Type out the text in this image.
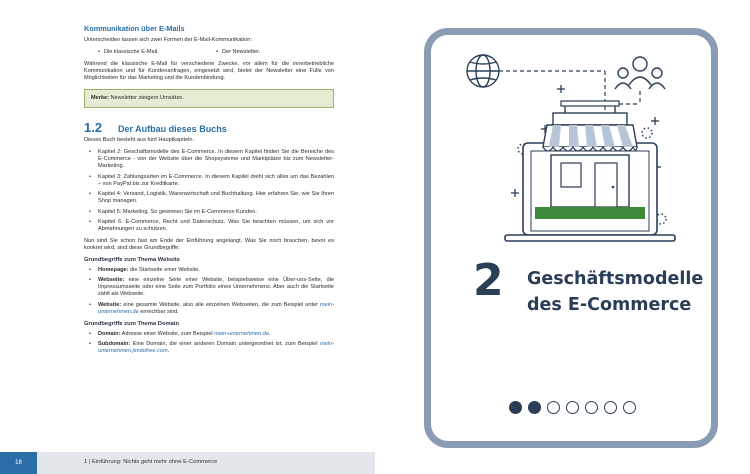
Kommunikation über E-Mails

Unterscheiden lassen sich zwei Formen der E-Mail-Kommunikation:

• Die klassische E-Mail.
•	Der Newsletter.

Während die klassische E-Mail für verschiedene Zwecke, vor allem für die innerbetriebliche Kommunikation und für Kundenanfragen, eingesetzt wird, bietet der Newsletter eine Fülle von Möglichkeiten für das Marketing und die Kundenbindung.

Merke: Newsletter steigern Umsätze.
1.2	Der Aufbau dieses Buchs

Dieses Buch besteht aus fünf Hauptkapiteln.

• Kapitel 2: Geschäftsmodelle des E-Commerce. In diesem Kapitel finden Sie die Bereiche des E-Commerce - von der Website über die Shopsysteme und Marktplätze bis zum Newsletter-Marketing.
• Kapitel 3: Zahlungsarten im E-Commerce. In diesem Kapitel dreht sich alles um das Bezahlen – von PayPal bis zur Kreditkarte.
• Kapitel 4: Versand, Logistik, Warenwirtschaft und Buchhaltung. Hier erfahren Sie, wie Sie Ihren Shop managen.
• Kapitel 5: Marketing. So gewinnen Sie im E-Commerce Kunden.
• Kapitel 6: E-Commerce, Recht und Datenschutz. Was Sie beachten müssen, um sich vor Abmahnungen zu schützen.

Nun sind Sie schon fast am Ende der Einführung angelangt. Was Sie noch brauchen, bevor es konkret wird, sind diese Grundbegriffe:

Grundbegriffe zum Thema Website
• Homepage: die Startseite einer Website.
• Webseite: eine einzelne Seite einer Website, beispielsweise eine Über-uns-Seite, die Impressumsseite oder eine Seite zum Portfolio eines Unternehmens. Aber auch die Startseite zählt als Webseite.
• Website: eine gesamte Website, also alle einzelnen Webseiten, die zum Beispiel unter mein-unternehmen.de erreichbar sind.
Grundbegriffe zum Thema Domain
• Domain: Adresse einer Website, zum Beispiel mein-unternehmen.de.
• Subdomain: Eine Domain, die einer anderen Domain untergeordnet ist, zum Beispiel mein-unternehmen.jimdofree.com.
18	1 | Einführung: Nichts geht mehr ohne E-Commerce
2 Geschäftsmodelle
des E-Commerce
